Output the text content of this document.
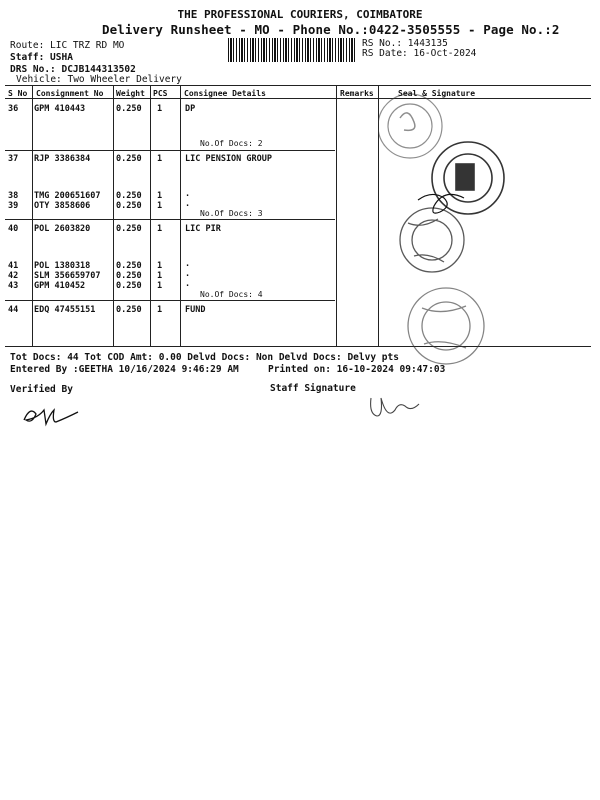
THE PROFESSIONAL COURIERS, COIMBATORE
Delivery Runsheet - MO - Phone No.:0422-3505555 - Page No.:2
Route: LIC TRZ RD MO
Staff: USHA
DRS No.: DCJB144313502
Vehicle: Two Wheeler Delivery
RS No.: 1443135
RS Date: 16-Oct-2024
S No Consignment No Weight PCS Consignee Details	Remarks	Seal & Signature
36 GPM 410443	0.250 1	DP
No.Of Docs: 2
37 RJP 3386384	0.250 1	LIC PENSION GROUP
38 TMG 200651607 0.250 1	.
39 OTY 3858606	0.250 1	.
No.Of Docs: 3
40 POL 2603820	0.250 1	LIC PIR
41 POL 1380318	0.250 1	.
42 SLM 356659707 0.250 1	.
43 GPM 410452	0.250 1	.
No.Of Docs: 4
44 EDQ 47455151 0.250 1	FUND
Tot Docs: 44 Tot COD Amt: 0.00 Delvd Docs: Non Delvd Docs: Delvy pts
Entered By :GEETHA 10/16/2024 9:46:29 AM	Printed on: 16-10-2024 09:47:03
Verified By	Staff Signature
